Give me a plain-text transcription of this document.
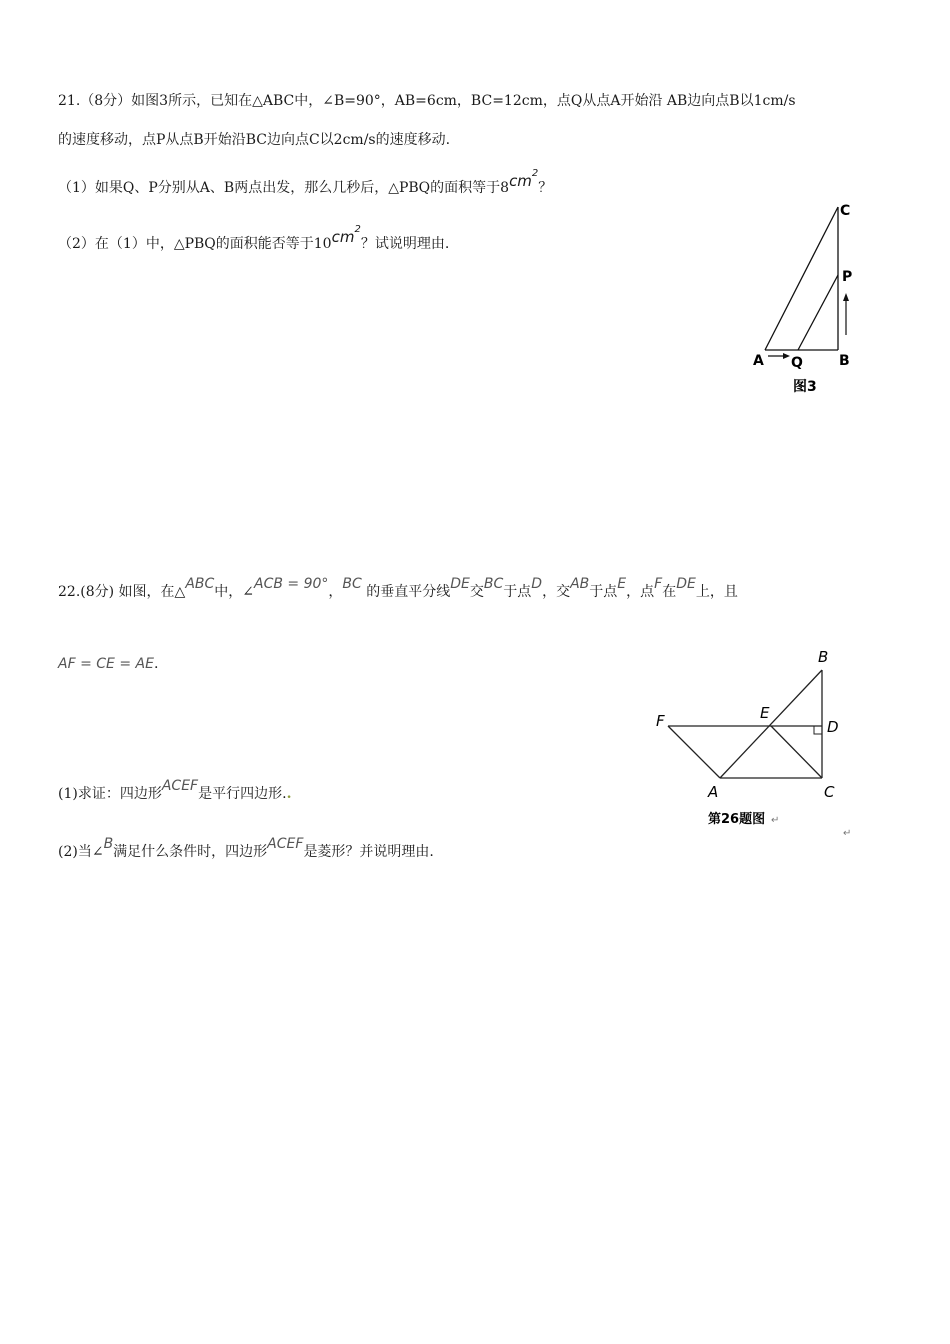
21.（8分）如图3所示，已知在△ABC中，∠B=90°，AB=6cm，BC=12cm，点Q从点A开始沿 AB边向点B以1cm/s
的速度移动，点P从点B开始沿BC边向点C以2cm/s的速度移动.
（1）如果Q、P分别从A、B两点出发，那么几秒后，△PBQ的面积等于$8cm^2$？
（2）在（1）中，△PBQ的面积能否等于$10cm^2$？试说明理由.
C
P
A Q	B
图3
22.(8分) 如图，在△ABC中，∠ACB = 90°，BC 的垂直平分线DE交BC于点D，交AB于点E，点F在DE上，且
AF = CE = AE.
(1)求证：四边形ACEF是平行四边形..
(2)当∠B满足什么条件时，四边形ACEF是菱形？并说明理由.
B
F	E
D
A	C
第26题图 ↵
↵
